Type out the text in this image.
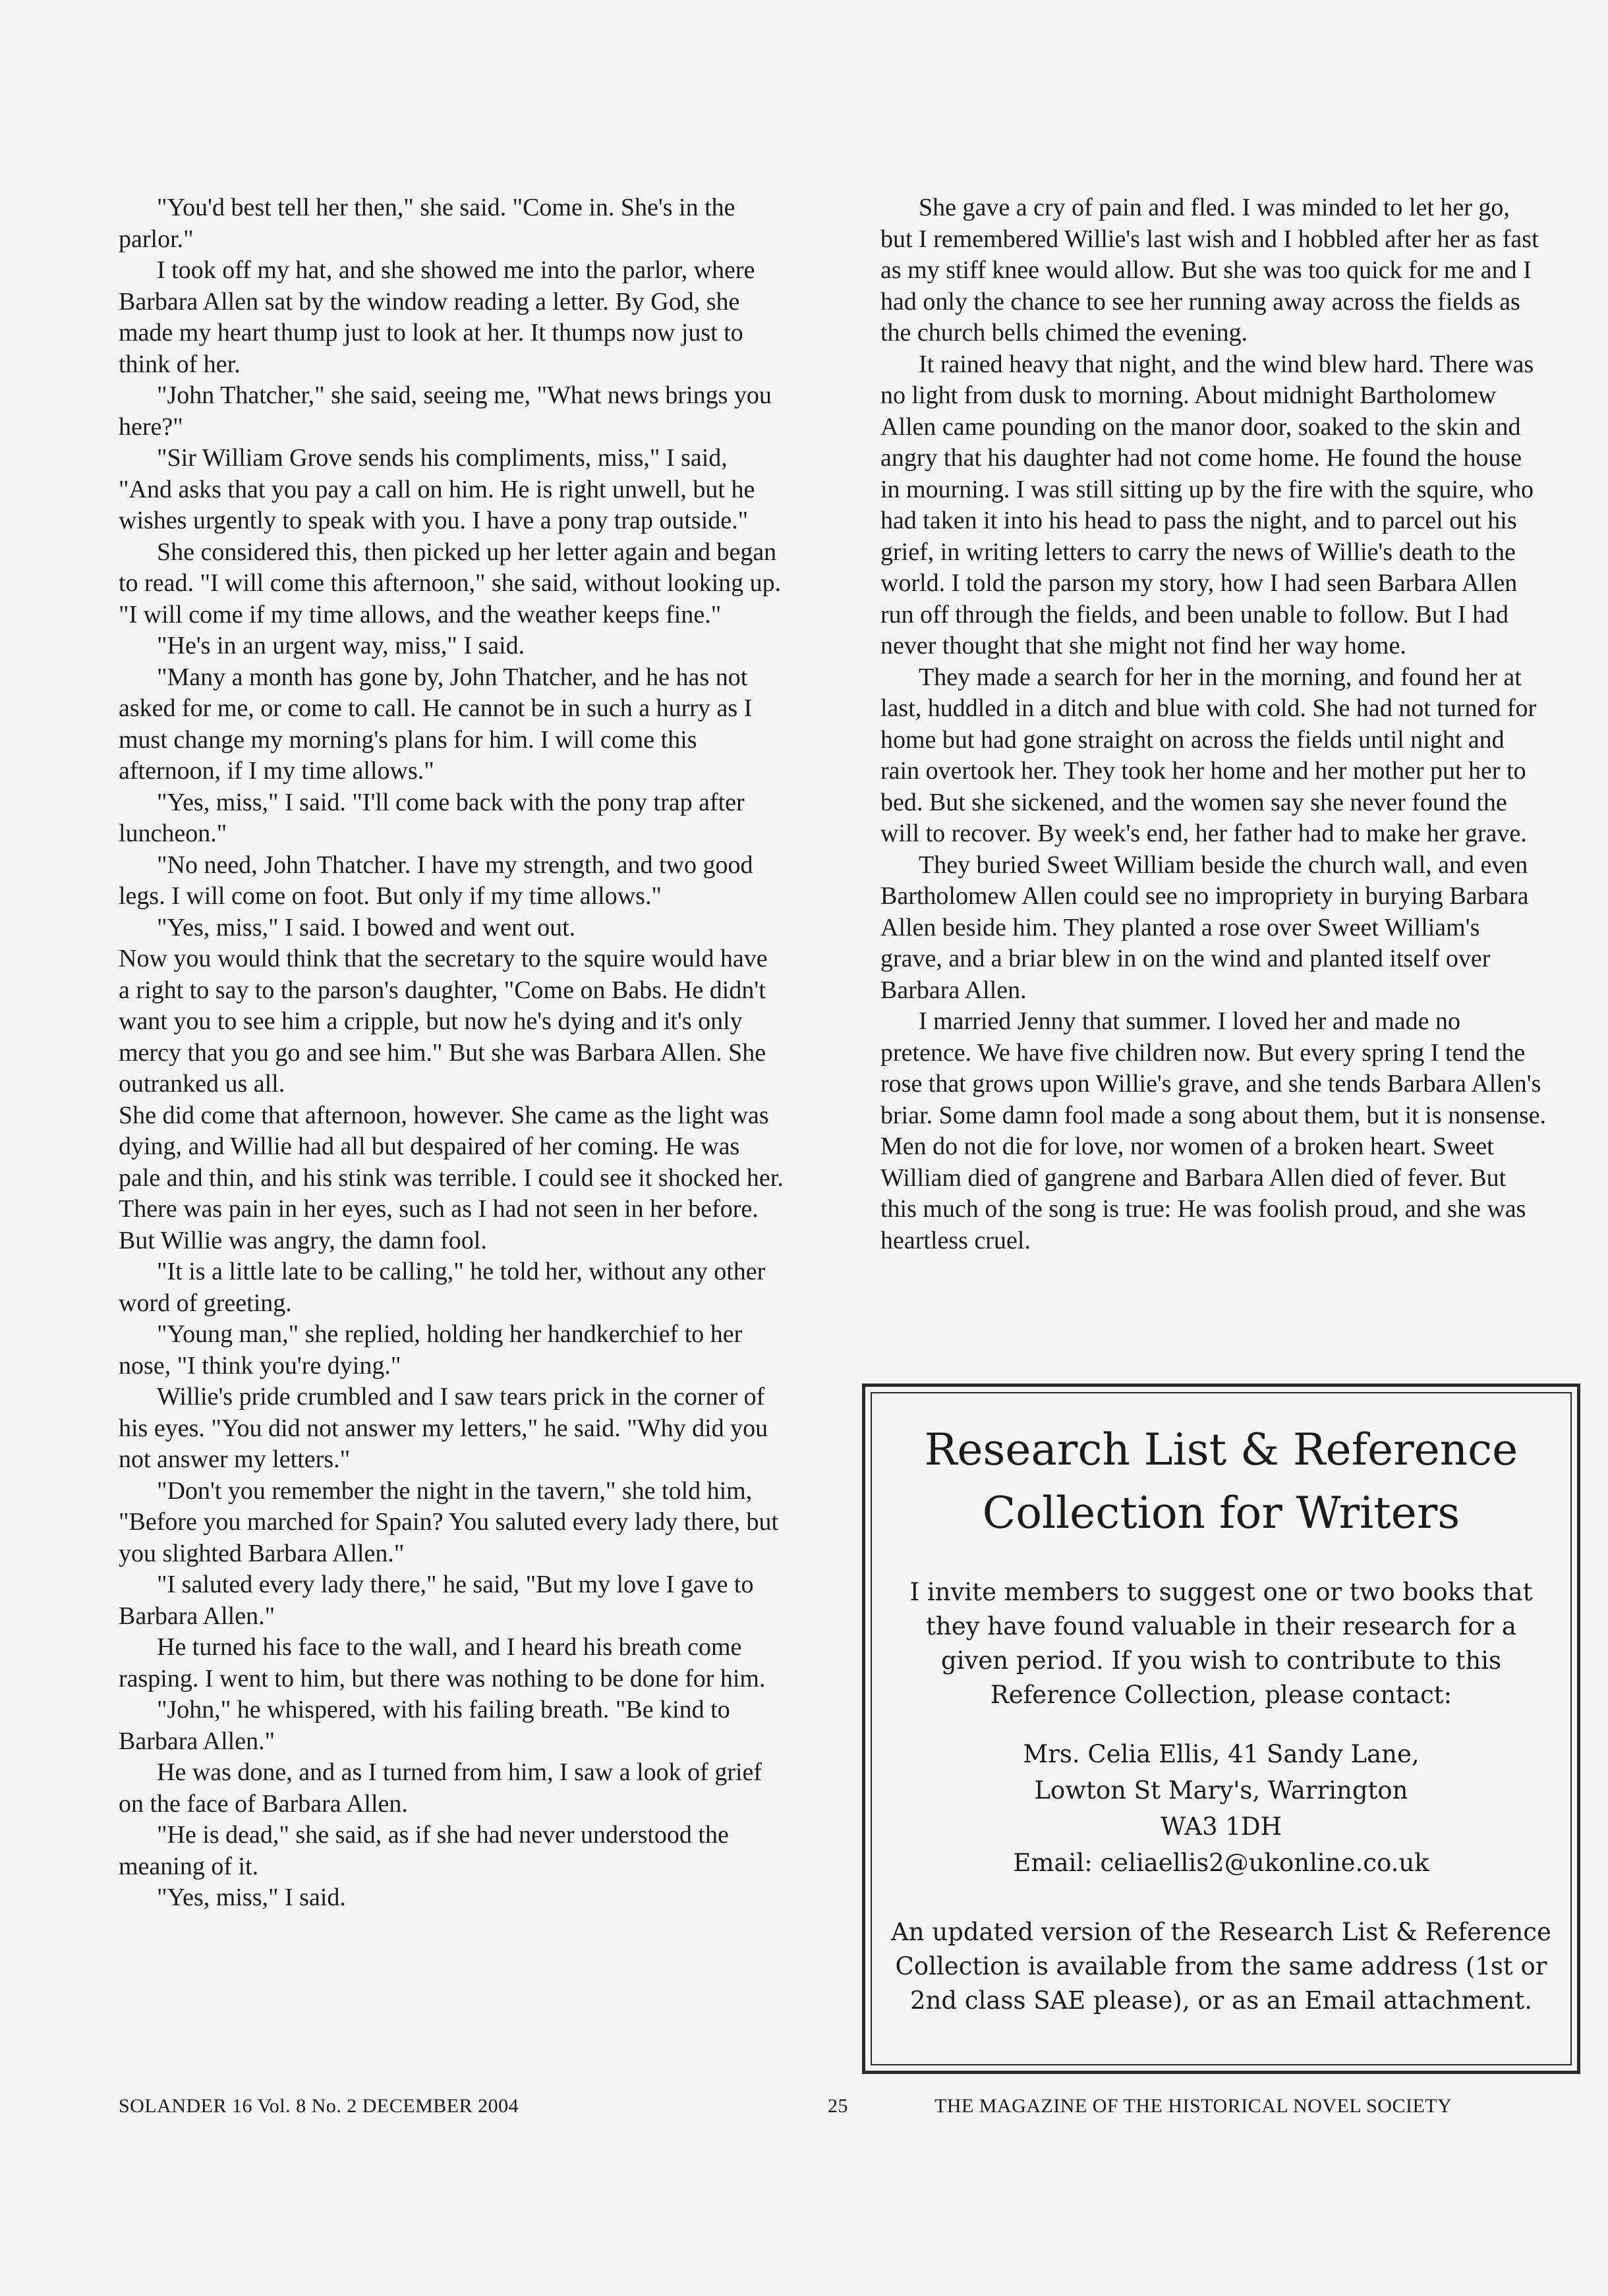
"You'd best tell her then," she said. "Come in. She's in the parlor."

I took off my hat, and she showed me into the parlor, where Barbara Allen sat by the window reading a letter. By God, she made my heart thump just to look at her. It thumps now just to think of her.

"John Thatcher," she said, seeing me, "What news brings you here?"

"Sir William Grove sends his compliments, miss," I said, "And asks that you pay a call on him. He is right unwell, but he wishes urgently to speak with you. I have a pony trap outside."

She considered this, then picked up her letter again and began to read. "I will come this afternoon," she said, without looking up. "I will come if my time allows, and the weather keeps fine."

"He's in an urgent way, miss," I said.

"Many a month has gone by, John Thatcher, and he has not asked for me, or come to call. He cannot be in such a hurry as I must change my morning's plans for him. I will come this afternoon, if I my time allows."

"Yes, miss," I said. "I'll come back with the pony trap after luncheon."

"No need, John Thatcher. I have my strength, and two good legs. I will come on foot. But only if my time allows."

"Yes, miss," I said. I bowed and went out.

Now you would think that the secretary to the squire would have a right to say to the parson's daughter, "Come on Babs. He didn't want you to see him a cripple, but now he's dying and it's only mercy that you go and see him." But she was Barbara Allen. She outranked us all.

She did come that afternoon, however. She came as the light was dying, and Willie had all but despaired of her coming. He was pale and thin, and his stink was terrible. I could see it shocked her. There was pain in her eyes, such as I had not seen in her before. But Willie was angry, the damn fool.

"It is a little late to be calling," he told her, without any other word of greeting.

"Young man," she replied, holding her handkerchief to her nose, "I think you're dying."

Willie's pride crumbled and I saw tears prick in the corner of his eyes. "You did not answer my letters," he said. "Why did you not answer my letters."

"Don't you remember the night in the tavern," she told him, "Before you marched for Spain? You saluted every lady there, but you slighted Barbara Allen."

"I saluted every lady there," he said, "But my love I gave to Barbara Allen."

He turned his face to the wall, and I heard his breath come rasping. I went to him, but there was nothing to be done for him.

"John," he whispered, with his failing breath. "Be kind to Barbara Allen."

He was done, and as I turned from him, I saw a look of grief on the face of Barbara Allen.

"He is dead," she said, as if she had never understood the meaning of it.

"Yes, miss," I said.

She gave a cry of pain and fled. I was minded to let her go, but I remembered Willie's last wish and I hobbled after her as fast as my stiff knee would allow. But she was too quick for me and I had only the chance to see her running away across the fields as the church bells chimed the evening.

It rained heavy that night, and the wind blew hard. There was no light from dusk to morning. About midnight Bartholomew Allen came pounding on the manor door, soaked to the skin and angry that his daughter had not come home. He found the house in mourning. I was still sitting up by the fire with the squire, who had taken it into his head to pass the night, and to parcel out his grief, in writing letters to carry the news of Willie's death to the world. I told the parson my story, how I had seen Barbara Allen run off through the fields, and been unable to follow. But I had never thought that she might not find her way home.

They made a search for her in the morning, and found her at last, huddled in a ditch and blue with cold. She had not turned for home but had gone straight on across the fields until night and rain overtook her. They took her home and her mother put her to bed. But she sickened, and the women say she never found the will to recover. By week's end, her father had to make her grave.

They buried Sweet William beside the church wall, and even Bartholomew Allen could see no impropriety in burying Barbara Allen beside him. They planted a rose over Sweet William's grave, and a briar blew in on the wind and planted itself over Barbara Allen.

I married Jenny that summer. I loved her and made no pretence. We have five children now. But every spring I tend the rose that grows upon Willie's grave, and she tends Barbara Allen's briar. Some damn fool made a song about them, but it is nonsense. Men do not die for love, nor women of a broken heart. Sweet William died of gangrene and Barbara Allen died of fever. But this much of the song is true: He was foolish proud, and she was heartless cruel.

Research List & Reference
Collection for Writers

I invite members to suggest one or two books that they have found valuable in their research for a given period. If you wish to contribute to this Reference Collection, please contact:

Mrs. Celia Ellis, 41 Sandy Lane,
Lowton St Mary's, Warrington
WA3 1DH
Email: celiaellis2@ukonline.co.uk

An updated version of the Research List & Reference Collection is available from the same address (1st or 2nd class SAE please), or as an Email attachment.

SOLANDER 16 Vol. 8 No. 2 DECEMBER 2004	25	THE MAGAZINE OF THE HISTORICAL NOVEL SOCIETY
